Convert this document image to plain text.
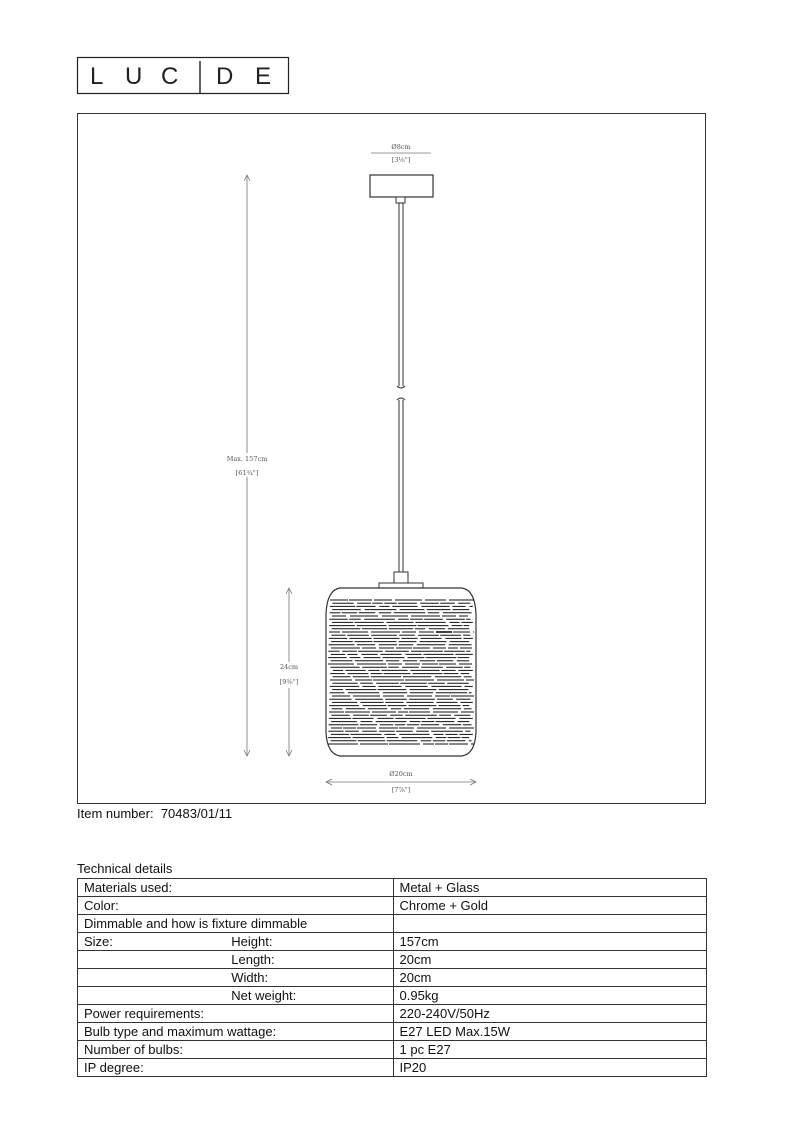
L U C
I
D E
Ø8cm
[3⅛"]
Max. 157cm
[61¾"]
24cm
[9⅜"]
Ø20cm
[7⅞"]
Item number: 70483/01/11
Technical details
Materials used:		Metal + Glass
Color:		Chrome + Gold
Dimmable and how is fixture dimmable		
Size:	Height:	157cm
	Length:	20cm
	Width:	20cm
	Net weight:	0.95kg
Power requirements:		220-240V/50Hz
Bulb type and maximum wattage:		E27 LED Max.15W
Number of bulbs:		1 pc E27
IP degree:		IP20
